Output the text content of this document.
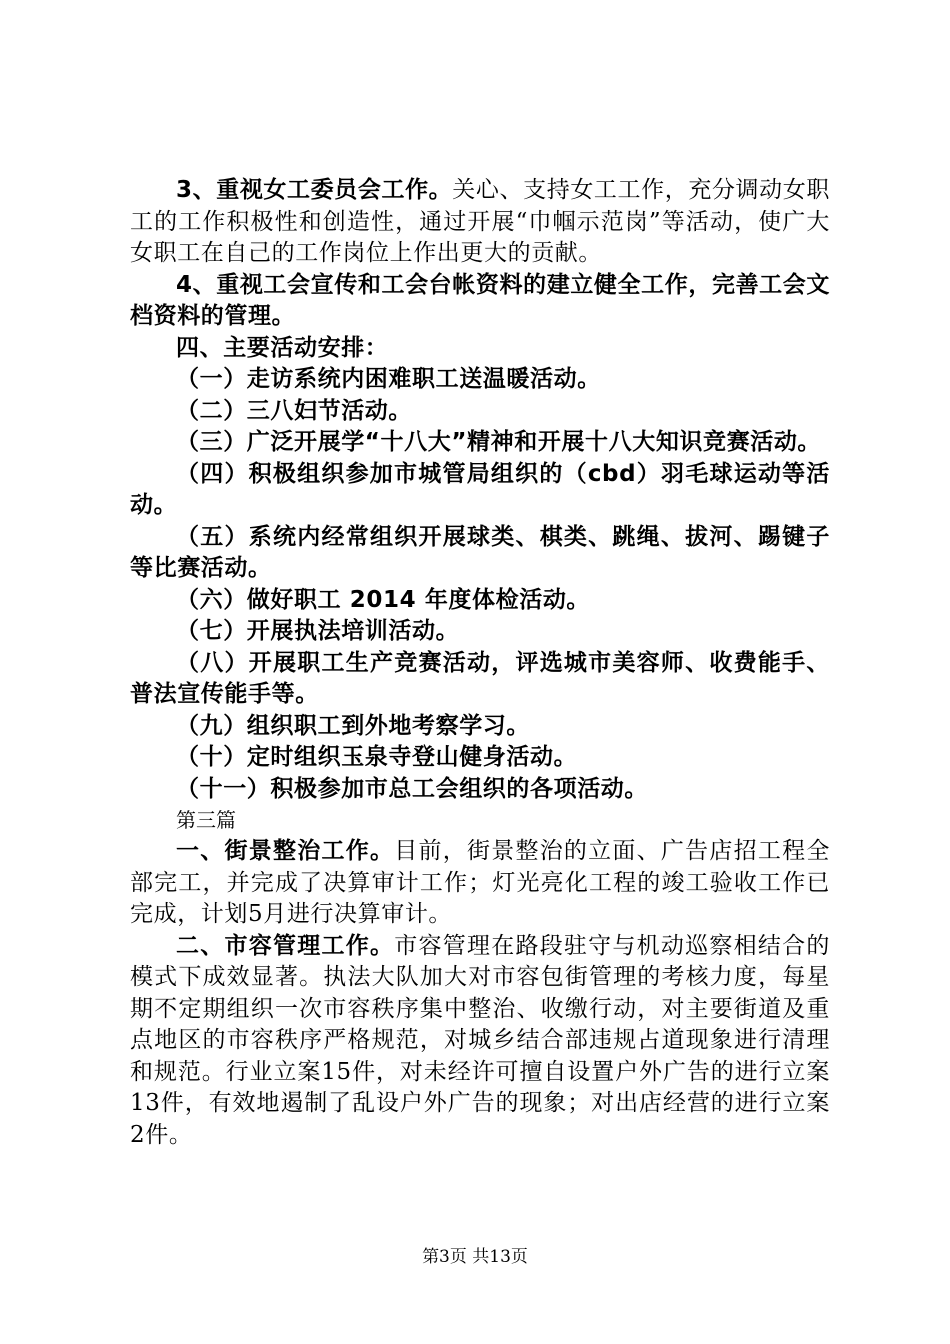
3、重视女工委员会工作。关心、支持女工工作，充分调动女职工的工作积极性和创造性，通过开展“巾帼示范岗”等活动，使广大女职工在自己的工作岗位上作出更大的贡献。

4、重视工会宣传和工会台帐资料的建立健全工作，完善工会文档资料的管理。

四、主要活动安排：

（一）走访系统内困难职工送温暖活动。

（二）三八妇节活动。

（三）广泛开展学“十八大”精神和开展十八大知识竞赛活动。

（四）积极组织参加市城管局组织的（cbd）羽毛球运动等活动。

（五）系统内经常组织开展球类、棋类、跳绳、拔河、踢键子等比赛活动。

（六）做好职工 2014 年度体检活动。

（七）开展执法培训活动。

（八）开展职工生产竞赛活动，评选城市美容师、收费能手、普法宣传能手等。

（九）组织职工到外地考察学习。

（十）定时组织玉泉寺登山健身活动。

（十一）积极参加市总工会组织的各项活动。

第三篇

一、街景整治工作。目前，街景整治的立面、广告店招工程全部完工，并完成了决算审计工作；灯光亮化工程的竣工验收工作已完成，计划5月进行决算审计。

二、市容管理工作。市容管理在路段驻守与机动巡察相结合的模式下成效显著。执法大队加大对市容包街管理的考核力度，每星期不定期组织一次市容秩序集中整治、收缴行动，对主要街道及重点地区的市容秩序严格规范，对城乡结合部违规占道现象进行清理和规范。行业立案15件，对未经许可擅自设置户外广告的进行立案13件，有效地遏制了乱设户外广告的现象；对出店经营的进行立案2件。

第3页 共13页
